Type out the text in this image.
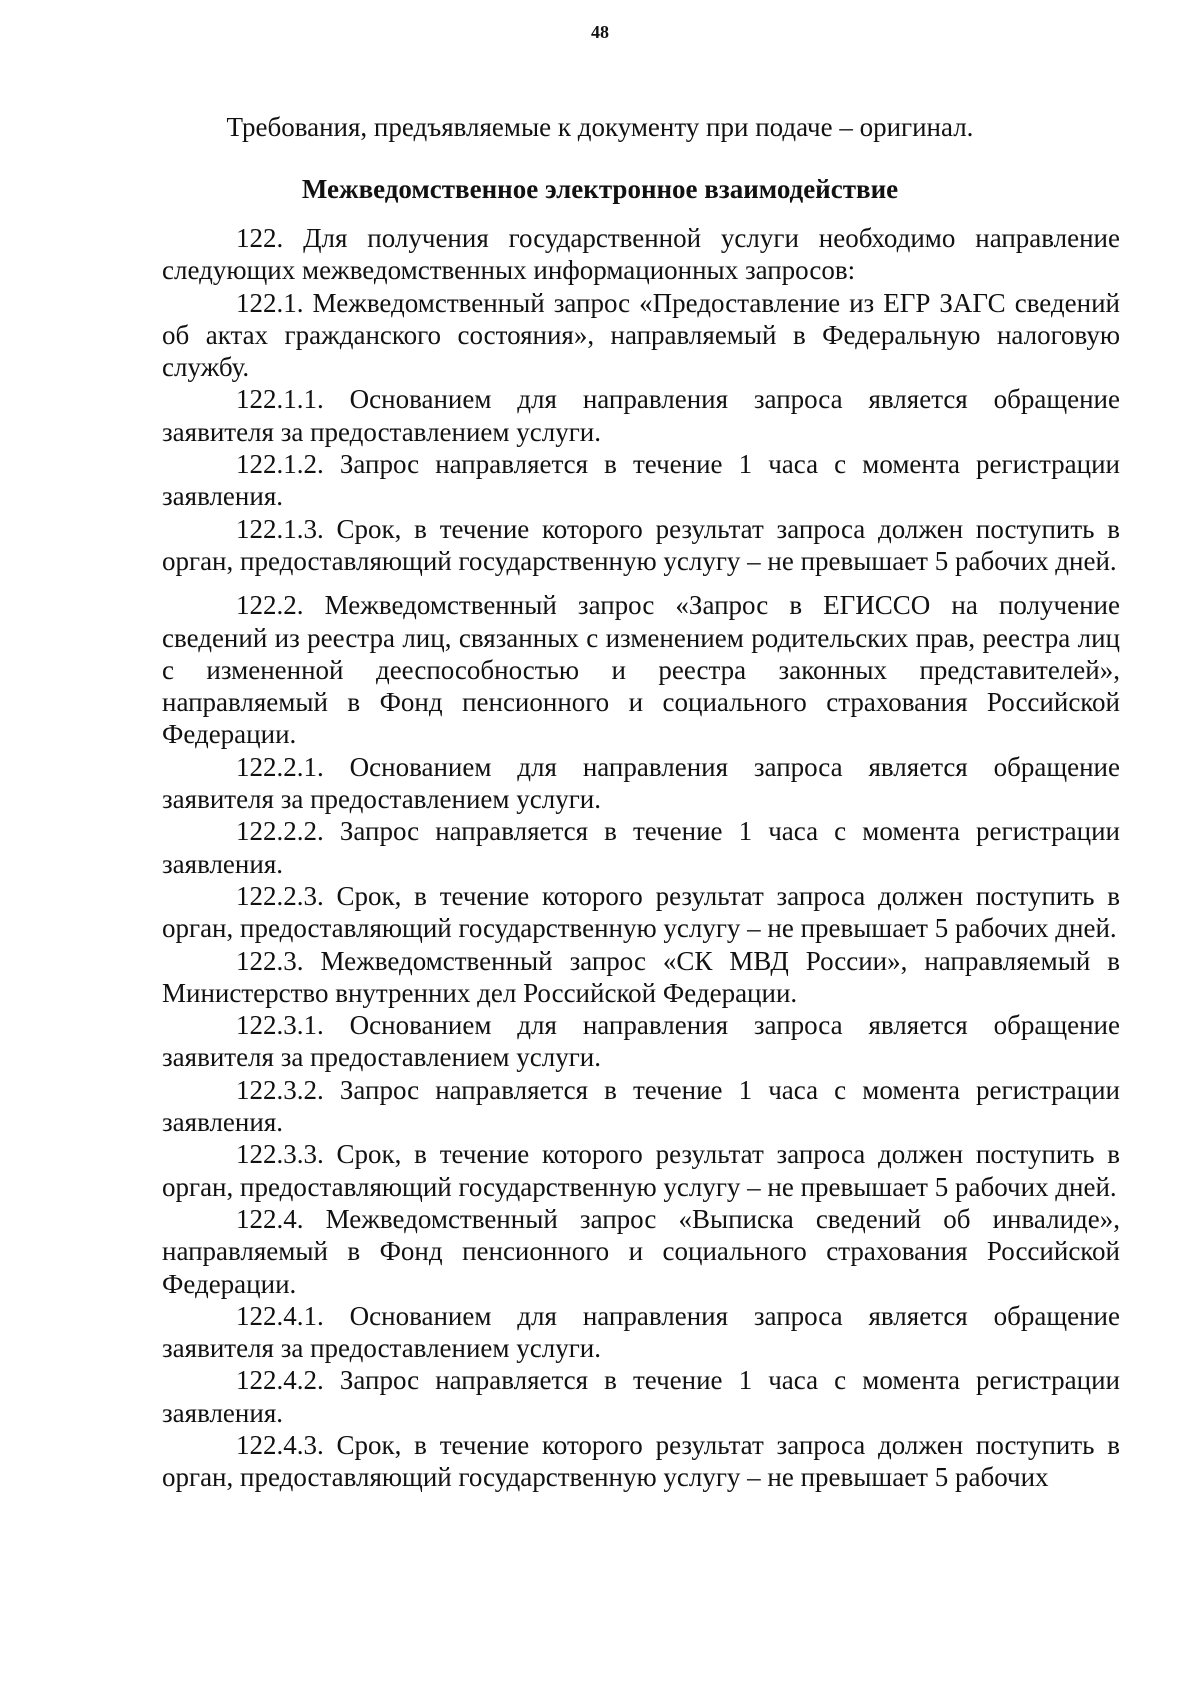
48
Требования, предъявляемые к документу при подаче – оригинал.
Межведомственное электронное взаимодействие

122. Для получения государственной услуги необходимо направление следующих межведомственных информационных запросов:

122.1. Межведомственный запрос «Предоставление из ЕГР ЗАГС сведений об актах гражданского состояния», направляемый в Федеральную налоговую службу.

122.1.1. Основанием для направления запроса является обращение заявителя за предоставлением услуги.

122.1.2. Запрос направляется в течение 1 часа с момента регистрации заявления.

122.1.3. Срок, в течение которого результат запроса должен поступить в орган, предоставляющий государственную услугу – не превышает 5 рабочих дней.

122.2. Межведомственный запрос «Запрос в ЕГИССО на получение сведений из реестра лиц, связанных с изменением родительских прав, реестра лиц с измененной дееспособностью и реестра законных представителей», направляемый в Фонд пенсионного и социального страхования Российской Федерации.

122.2.1. Основанием для направления запроса является обращение заявителя за предоставлением услуги.

122.2.2. Запрос направляется в течение 1 часа с момента регистрации заявления.

122.2.3. Срок, в течение которого результат запроса должен поступить в орган, предоставляющий государственную услугу – не превышает 5 рабочих дней.

122.3. Межведомственный запрос «СК МВД России», направляемый в Министерство внутренних дел Российской Федерации.

122.3.1. Основанием для направления запроса является обращение заявителя за предоставлением услуги.

122.3.2. Запрос направляется в течение 1 часа с момента регистрации заявления.

122.3.3. Срок, в течение которого результат запроса должен поступить в орган, предоставляющий государственную услугу – не превышает 5 рабочих дней.

122.4. Межведомственный запрос «Выписка сведений об инвалиде», направляемый в Фонд пенсионного и социального страхования Российской Федерации.

122.4.1. Основанием для направления запроса является обращение заявителя за предоставлением услуги.

122.4.2. Запрос направляется в течение 1 часа с момента регистрации заявления.

122.4.3. Срок, в течение которого результат запроса должен поступить в орган, предоставляющий государственную услугу – не превышает 5 рабочих
